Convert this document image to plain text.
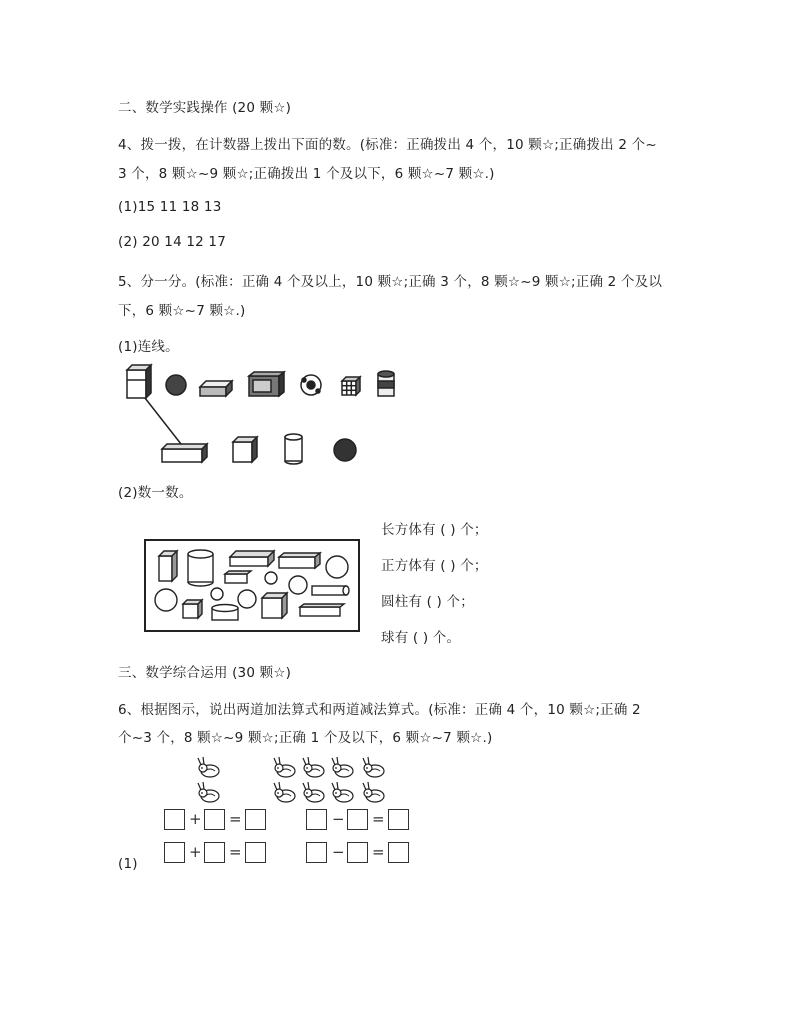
二、数学实践操作 (20 颗☆)
4、拨一拨，在计数器上拨出下面的数。(标准：正确拨出 4 个，10 颗☆;正确拨出 2 个~
3 个，8 颗☆~9 颗☆;正确拨出 1 个及以下，6 颗☆~7 颗☆.)
(1)15 11 18 13
(2) 20 14 12 17
5、分一分。(标准：正确 4 个及以上，10 颗☆;正确 3 个，8 颗☆~9 颗☆;正确 2 个及以
下，6 颗☆~7 颗☆.)
(1)连线。
(2)数一数。
长方体有 ( ) 个；
正方体有 ( ) 个；
圆柱有 ( ) 个；
球有 ( ) 个。
三、数学综合运用 (30 颗☆)
6、根据图示，说出两道加法算式和两道减法算式。(标准：正确 4 个，10 颗☆;正确 2
个~3 个，8 颗☆~9 颗☆;正确 1 个及以下，6 颗☆~7 颗☆.)
+ =	− =
+ =	− =
(1)
